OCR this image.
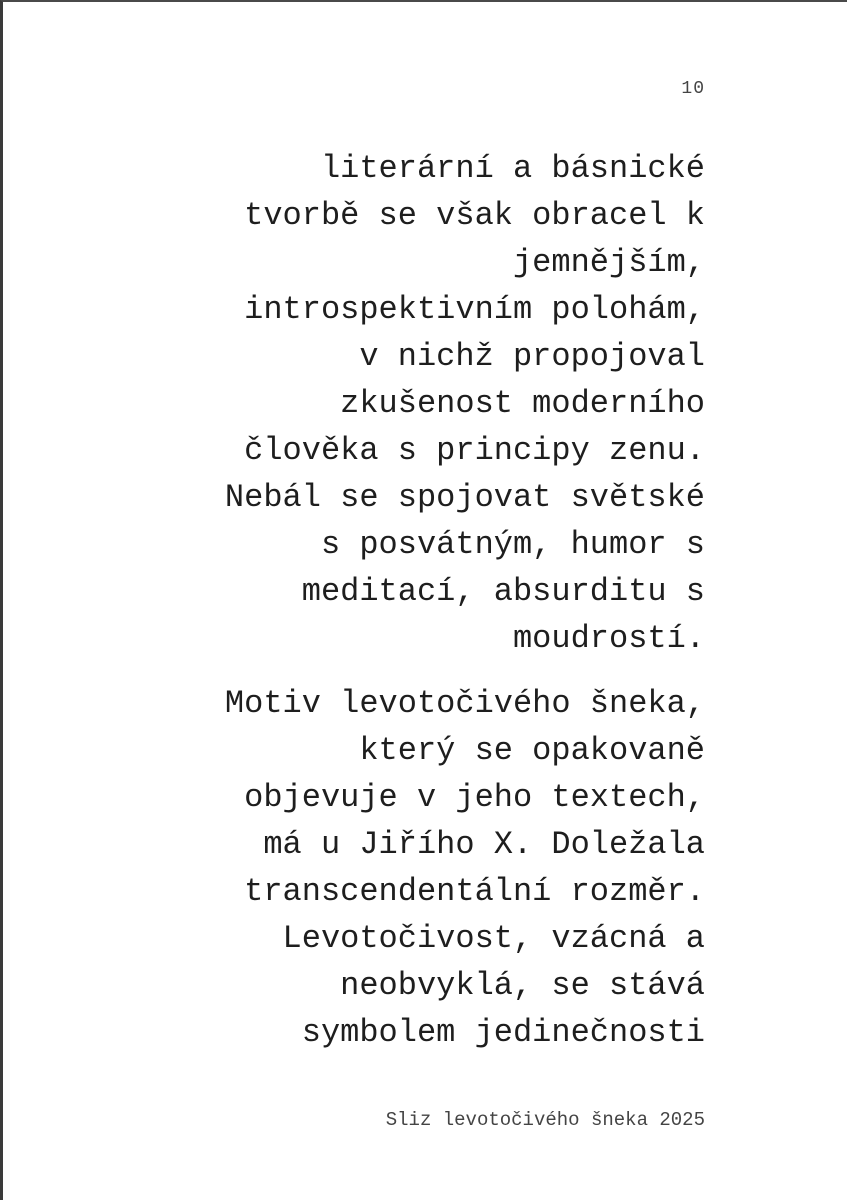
10

literární a básnické
tvorbě se však obracel k
jemnějším,
introspektivním polohám,
v nichž propojoval
zkušenost moderního
člověka s principy zenu.
Nebál se spojovat světské
s posvátným, humor s
meditací, absurditu s
moudrostí.

Motiv levotočivého šneka,
který se opakovaně
objevuje v jeho textech,
má u Jiřího X. Doležala
transcendentální rozměr.
Levotočivost, vzácná a
neobvyklá, se stává
symbolem jedinečnosti

Sliz levotočivého šneka 2025
